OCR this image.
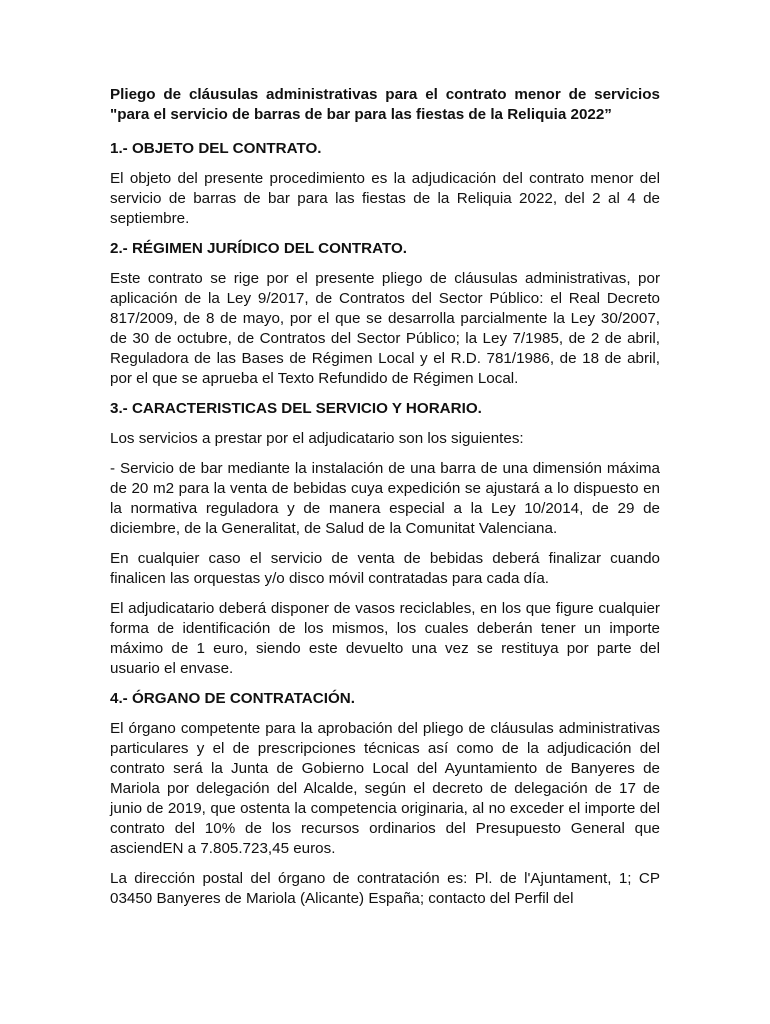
Pliego de cláusulas administrativas para el contrato menor de servicios
"para el servicio de barras de bar para las fiestas de la Reliquia 2022”
1.- OBJETO DEL CONTRATO.

El objeto del presente procedimiento es la adjudicación del contrato menor del servicio de barras de bar para las fiestas de la Reliquia 2022, del 2 al 4 de septiembre.

2.- RÉGIMEN JURÍDICO DEL CONTRATO.

Este contrato se rige por el presente pliego de cláusulas administrativas, por aplicación de la Ley 9/2017, de Contratos del Sector Público: el Real Decreto 817/2009, de 8 de mayo, por el que se desarrolla parcialmente la Ley 30/2007, de 30 de octubre, de Contratos del Sector Público; la Ley 7/1985, de 2 de abril, Reguladora de las Bases de Régimen Local y el R.D. 781/1986, de 18 de abril, por el que se aprueba el Texto Refundido de Régimen Local.

3.- CARACTERISTICAS DEL SERVICIO Y HORARIO.

Los servicios a prestar por el adjudicatario son los siguientes:

- Servicio de bar mediante la instalación de una barra de una dimensión máxima de 20 m2 para la venta de bebidas cuya expedición se ajustará a lo dispuesto en la normativa reguladora y de manera especial a la Ley 10/2014, de 29 de diciembre, de la Generalitat, de Salud de la Comunitat Valenciana.

En cualquier caso el servicio de venta de bebidas deberá finalizar cuando finalicen las orquestas y/o disco móvil contratadas para cada día.

El adjudicatario deberá disponer de vasos reciclables, en los que figure cualquier forma de identificación de los mismos, los cuales deberán tener un importe máximo de 1 euro, siendo este devuelto una vez se restituya por parte del usuario el envase.

4.- ÓRGANO DE CONTRATACIÓN.

El órgano competente para la aprobación del pliego de cláusulas administrativas particulares y el de prescripciones técnicas así como de la adjudicación del contrato será la Junta de Gobierno Local del Ayuntamiento de Banyeres de Mariola por delegación del Alcalde, según el decreto de delegación de 17 de junio de 2019, que ostenta la competencia originaria, al no exceder el importe del contrato del 10% de los recursos ordinarios del Presupuesto General que asciendEN a 7.805.723,45 euros.

La dirección postal del órgano de contratación es: Pl. de l'Ajuntament, 1; CP 03450 Banyeres de Mariola (Alicante) España; contacto del Perfil del
